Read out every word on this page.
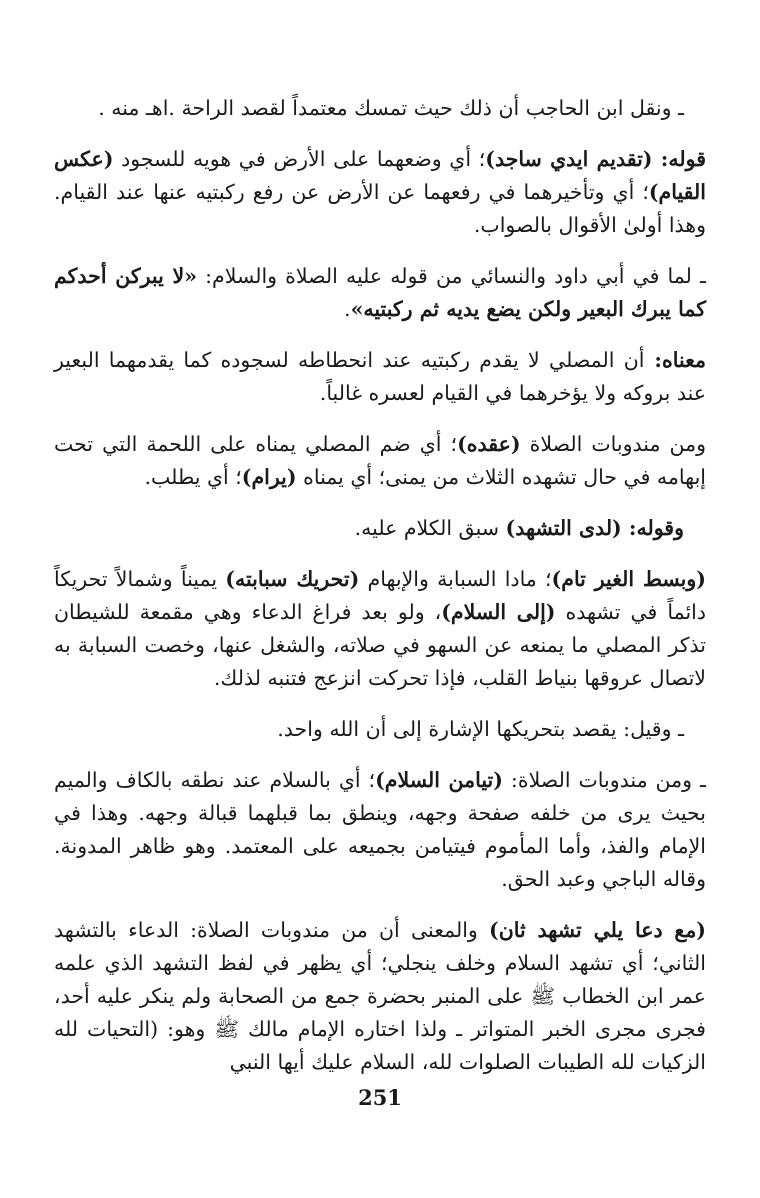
ـ ونقل ابن الحاجب أن ذلك حيث تمسك معتمداً لقصد الراحة .اهـ منه .

قوله: (تقديم ايدي ساجد)؛ أي وضعهما على الأرض في هويه للسجود (عكس القيام)؛ أي وتأخيرهما في رفعهما عن الأرض عن رفع ركبتيه عنها عند القيام. وهذا أولىٰ الأقوال بالصواب.

ـ لما في أبي داود والنسائي من قوله عليه الصلاة والسلام: «لا يبركن أحدكم كما يبرك البعير ولكن يضع يديه ثم ركبتيه».

معناه: أن المصلي لا يقدم ركبتيه عند انحطاطه لسجوده كما يقدمهما البعير عند بروكه ولا يؤخرهما في القيام لعسره غالباً.

ومن مندوبات الصلاة (عقده)؛ أي ضم المصلي يمناه على اللحمة التي تحت إبهامه في حال تشهده الثلاث من يمنى؛ أي يمناه (يرام)؛ أي يطلب.

وقوله: (لدى التشهد) سبق الكلام عليه.

(وبسط الغير تام)؛ مادا السبابة والإبهام (تحريك سبابته) يميناً وشمالاً تحريكاً دائماً في تشهده (إلى السلام)، ولو بعد فراغ الدعاء وهي مقمعة للشيطان تذكر المصلي ما يمنعه عن السهو في صلاته، والشغل عنها، وخصت السبابة به لاتصال عروقها بنياط القلب، فإذا تحركت انزعج فتنبه لذلك.

ـ وقيل: يقصد بتحريكها الإشارة إلى أن الله واحد.

ـ ومن مندوبات الصلاة: (تيامن السلام)؛ أي بالسلام عند نطقه بالكاف والميم بحيث يرى من خلفه صفحة وجهه، وينطق بما قبلهما قبالة وجهه. وهذا في الإمام والفذ، وأما المأموم فيتيامن بجميعه على المعتمد. وهو ظاهر المدونة. وقاله الباجي وعبد الحق.

(مع دعا يلي تشهد ثان) والمعنى أن من مندوبات الصلاة: الدعاء بالتشهد الثاني؛ أي تشهد السلام وخلف ينجلي؛ أي يظهر في لفظ التشهد الذي علمه عمر ابن الخطاب ﷺ على المنبر بحضرة جمع من الصحابة ولم ينكر عليه أحد، فجرى مجرى الخبر المتواتر ـ ولذا اختاره الإمام مالك ﷺ وهو: (التحيات لله الزكيات لله الطيبات الصلوات لله، السلام عليك أيها النبي

251
